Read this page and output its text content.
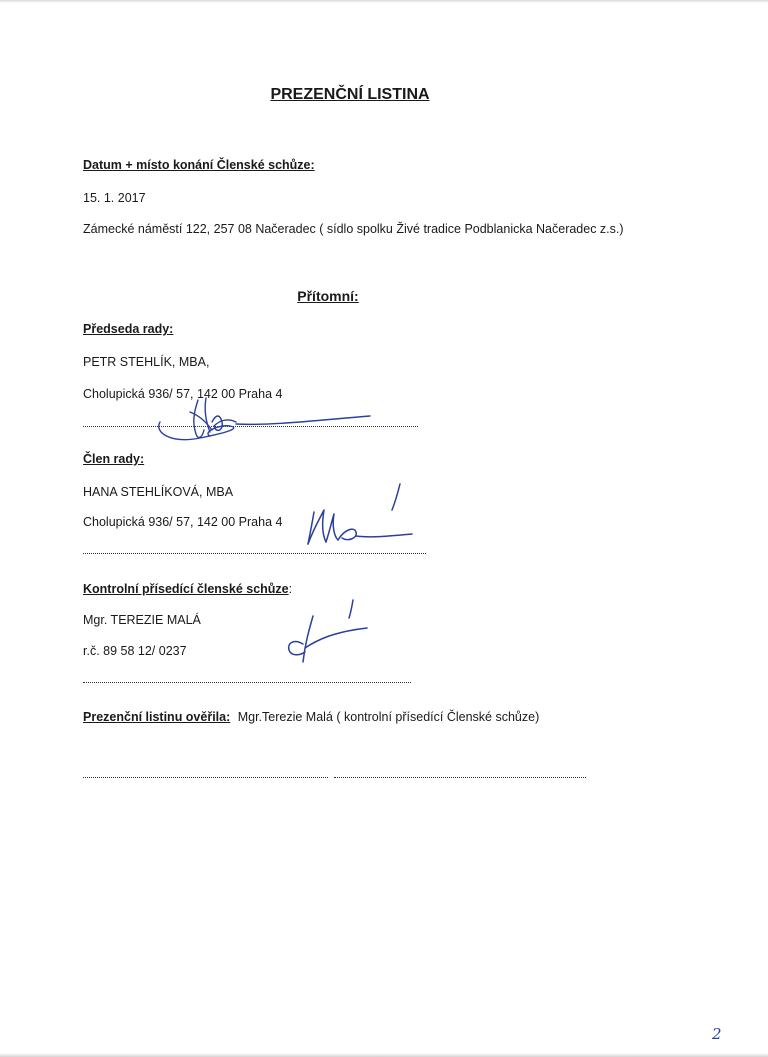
PREZENČNÍ LISTINA
Datum + místo konání Členské schůze:
15. 1. 2017
Zámecké náměstí 122, 257 08 Načeradec ( sídlo spolku Živé tradice Podblanicka Načeradec z.s.)
Přítomní:
Předseda rady:
PETR STEHLÍK, MBA,
Cholupická 936/ 57, 142 00 Praha 4
Člen rady:
HANA STEHLÍKOVÁ, MBA
Cholupická 936/ 57, 142 00 Praha 4
Kontrolní přísedící členské schůze:
Mgr. TEREZIE MALÁ
r.č. 89 58 12/ 0237
Prezenční listinu ověřila: Mgr.Terezie Malá ( kontrolní přísedící Členské schůze)
2
